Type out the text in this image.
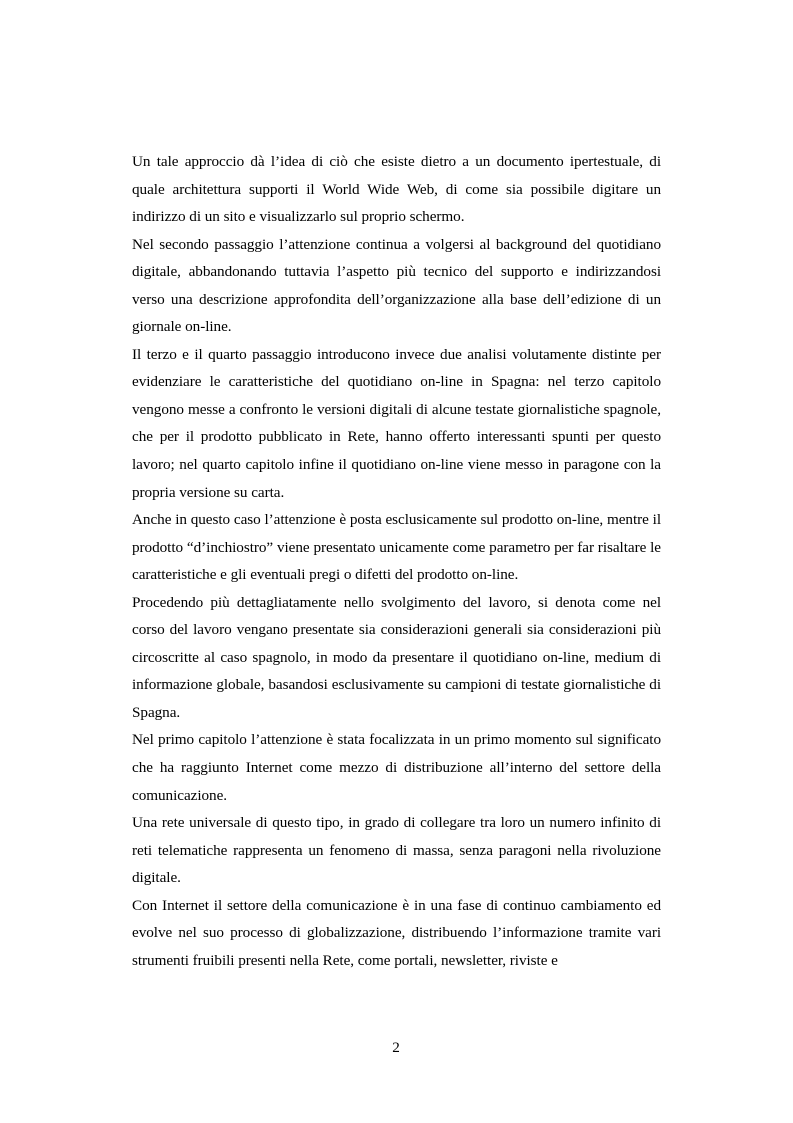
Un tale approccio dà l’idea di ciò che esiste dietro a un documento ipertestuale, di quale architettura supporti il World Wide Web, di come sia possibile digitare un indirizzo di un sito e visualizzarlo sul proprio schermo.

Nel secondo passaggio l’attenzione continua a volgersi al background del quotidiano digitale, abbandonando tuttavia l’aspetto più tecnico del supporto e indirizzandosi verso una descrizione approfondita dell’organizzazione alla base dell’edizione di un giornale on-line.

Il terzo e il quarto passaggio introducono invece due analisi volutamente distinte per evidenziare le caratteristiche del quotidiano on-line in Spagna: nel terzo capitolo vengono messe a confronto le versioni digitali di alcune testate giornalistiche spagnole, che per il prodotto pubblicato in Rete, hanno offerto interessanti spunti per questo lavoro; nel quarto capitolo infine il quotidiano on-line viene messo in paragone con la propria versione su carta.

Anche in questo caso l’attenzione è posta esclusicamente sul prodotto on-line, mentre il prodotto “d’inchiostro” viene presentato unicamente come parametro per far risaltare le caratteristiche e gli eventuali pregi o difetti del prodotto on-line.

Procedendo più dettagliatamente nello svolgimento del lavoro, si denota come nel corso del lavoro vengano presentate sia considerazioni generali sia considerazioni più circoscritte al caso spagnolo, in modo da presentare il quotidiano on-line, medium di informazione globale, basandosi esclusivamente su campioni di testate giornalistiche di Spagna.

Nel primo capitolo l’attenzione è stata focalizzata in un primo momento sul significato che ha raggiunto Internet come mezzo di distribuzione all’interno del settore della comunicazione.

Una rete universale di questo tipo, in grado di collegare tra loro un numero infinito di reti telematiche rappresenta un fenomeno di massa, senza paragoni nella rivoluzione digitale.

Con Internet il settore della comunicazione è in una fase di continuo cambiamento ed evolve nel suo processo di globalizzazione, distribuendo l’informazione tramite vari strumenti fruibili presenti nella Rete, come portali, newsletter, riviste e

2
